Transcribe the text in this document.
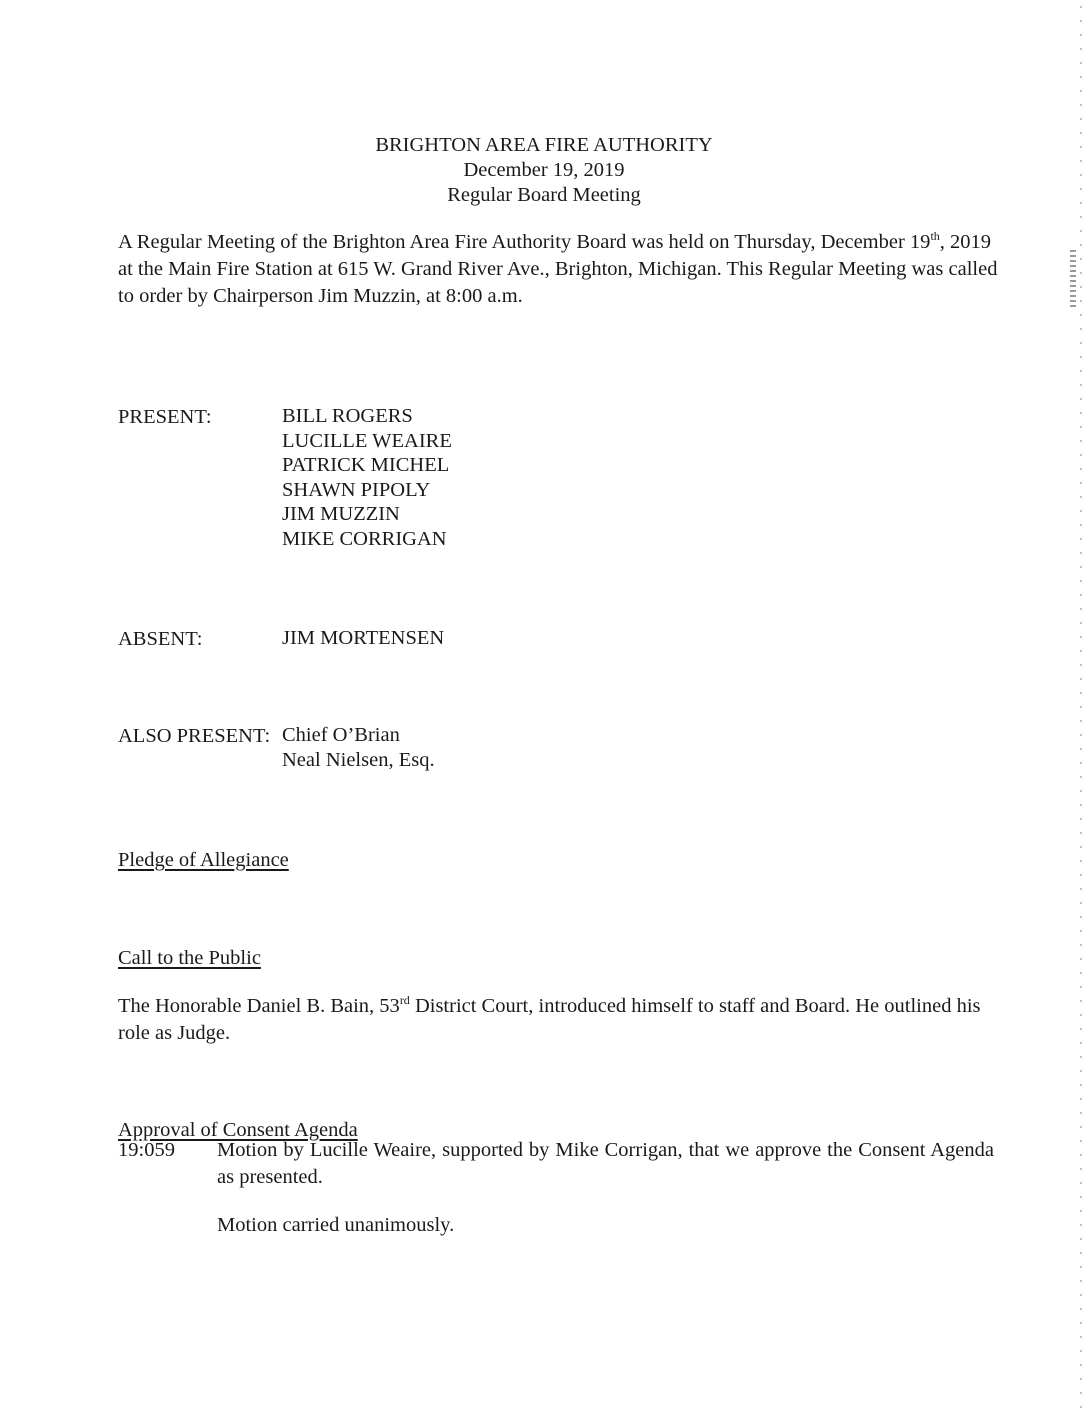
BRIGHTON AREA FIRE AUTHORITY
December 19, 2019
Regular Board Meeting
A Regular Meeting of the Brighton Area Fire Authority Board was held on Thursday, December 19th, 2019 at the Main Fire Station at 615 W. Grand River Ave., Brighton, Michigan. This Regular Meeting was called to order by Chairperson Jim Muzzin, at 8:00 a.m.
PRESENT:	BILL ROGERS
LUCILLE WEAIRE
PATRICK MICHEL
SHAWN PIPOLY
JIM MUZZIN
MIKE CORRIGAN
ABSENT:	JIM MORTENSEN
ALSO PRESENT: Chief O’Brian
Neal Nielsen, Esq.
Pledge of Allegiance
Call to the Public
The Honorable Daniel B. Bain, 53rd District Court, introduced himself to staff and Board. He outlined his role as Judge.
Approval of Consent Agenda
19:059 Motion by Lucille Weaire, supported by Mike Corrigan, that we approve the Consent Agenda as presented.
Motion carried unanimously.
